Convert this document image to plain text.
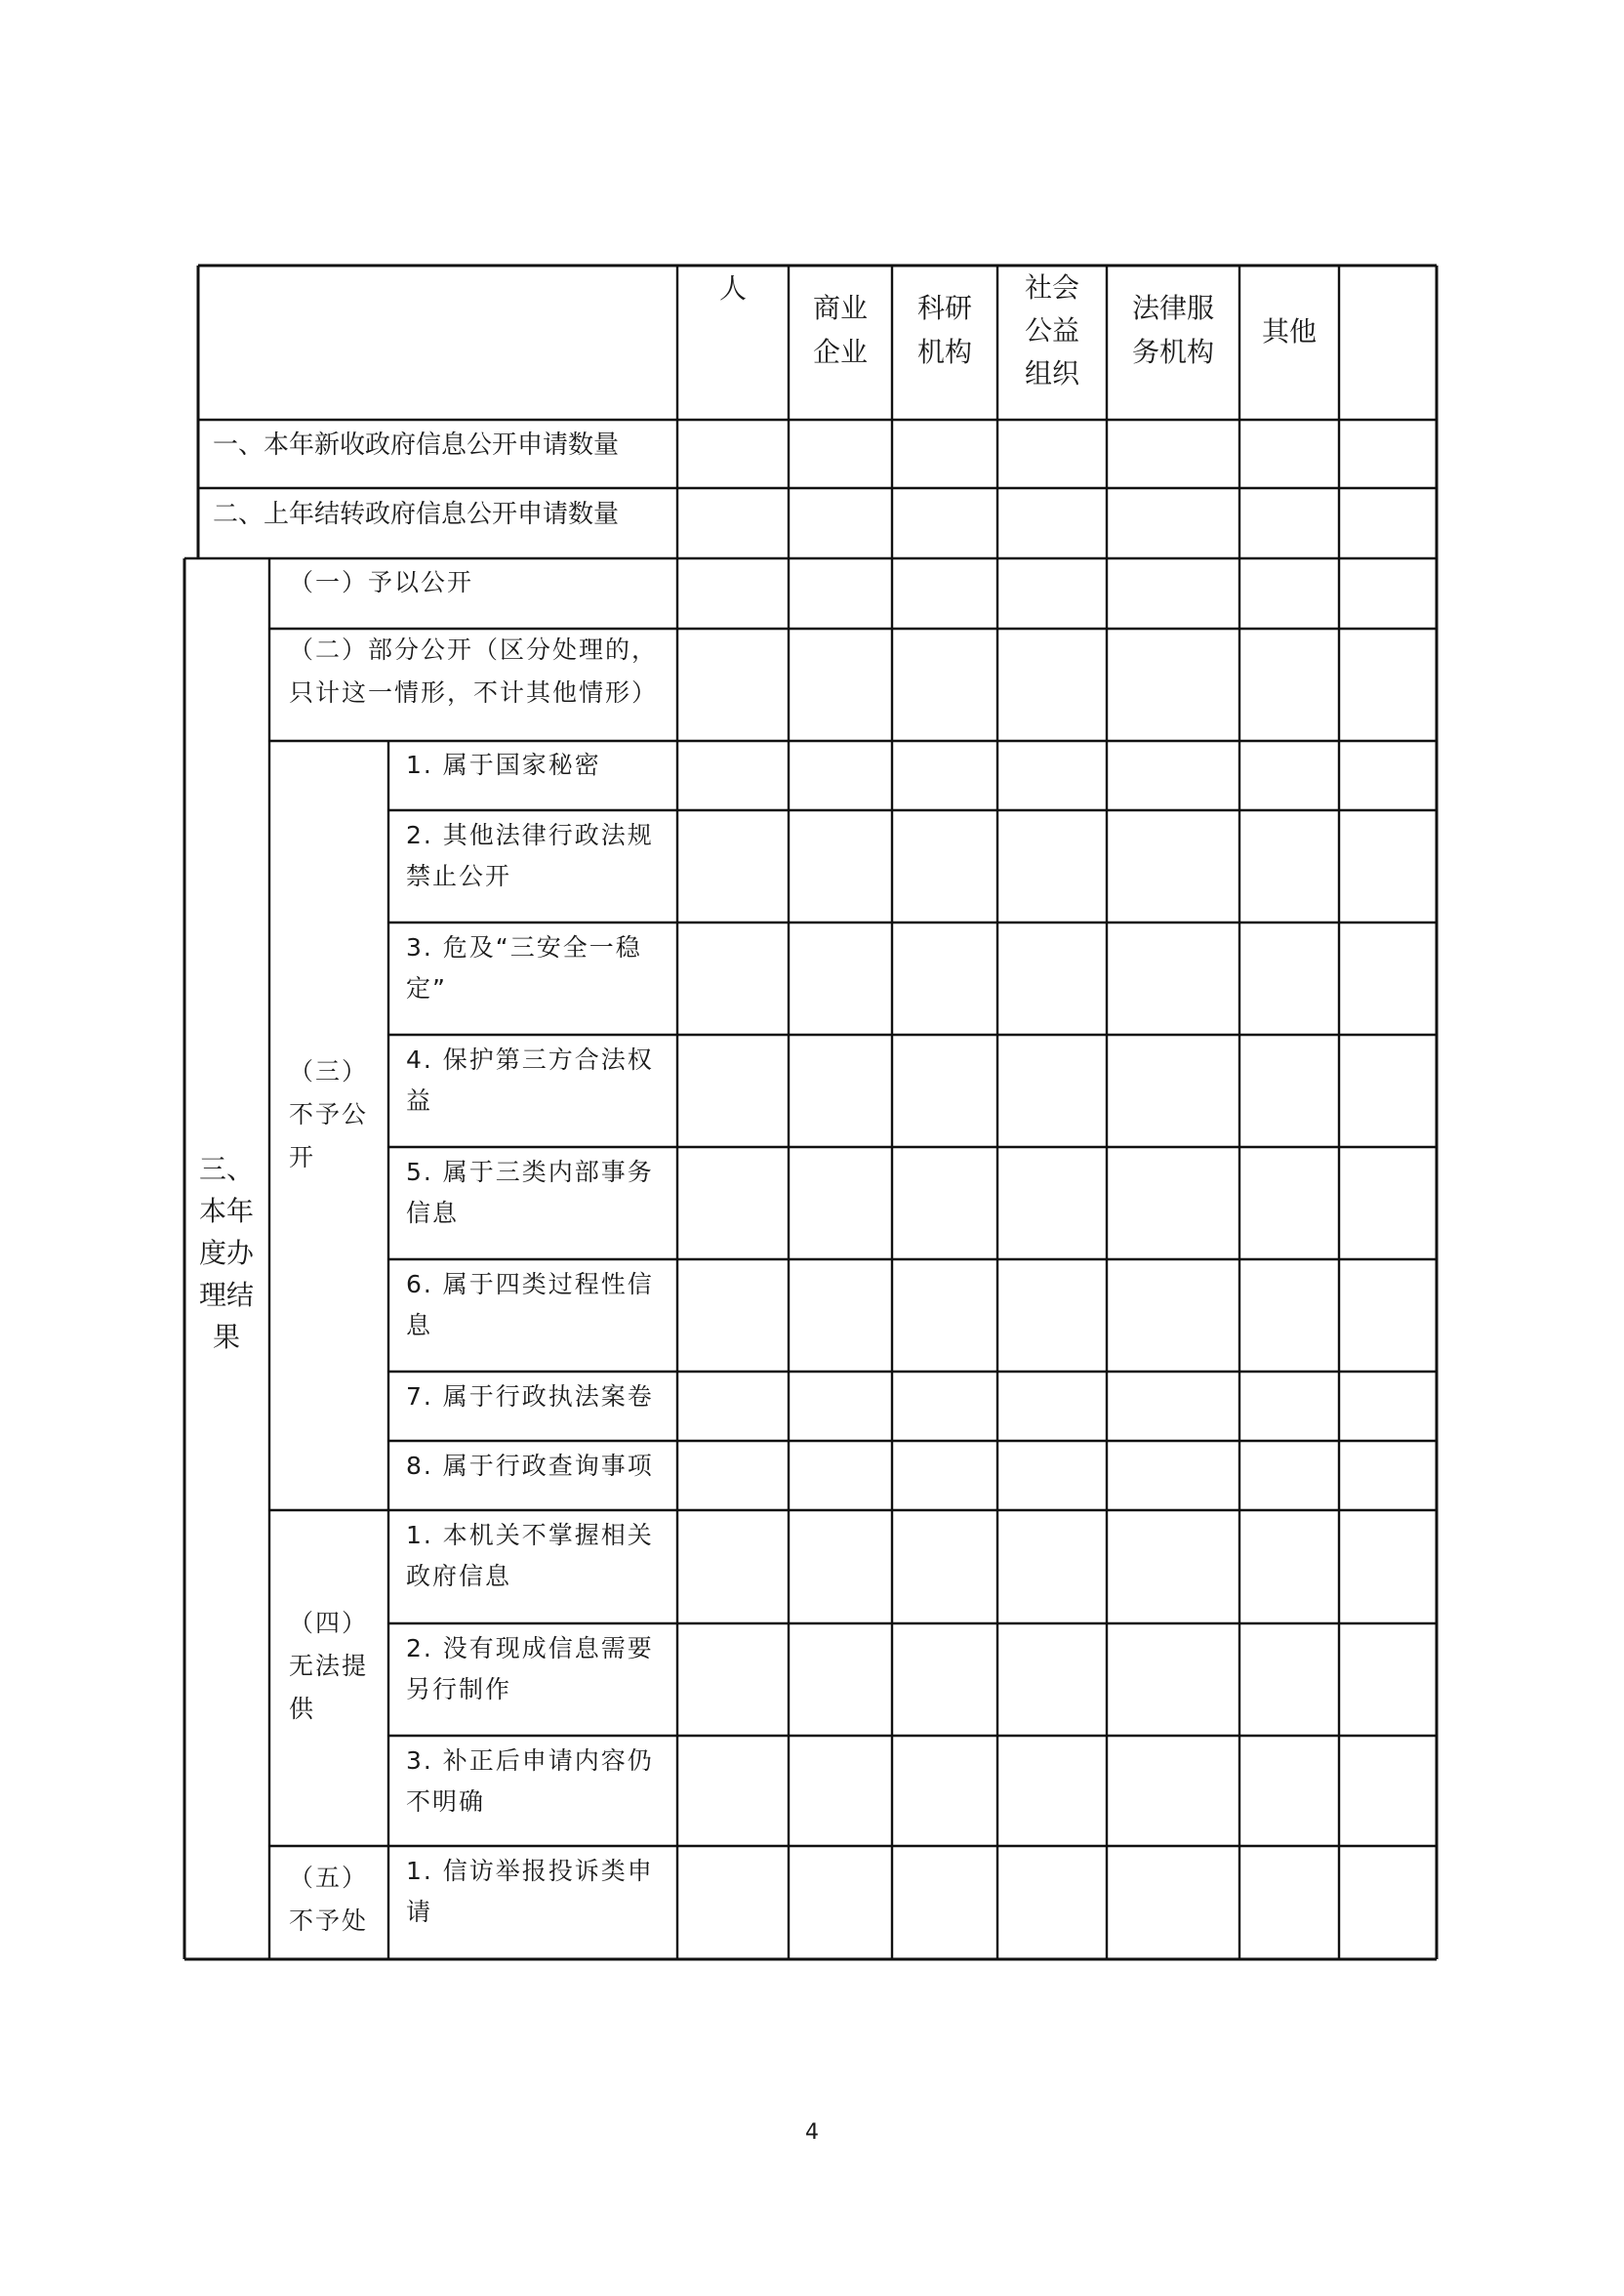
人
商业
企业
科研
机构
社会
公益
组织
法律服
务机构
其他
一、本年新收政府信息公开申请数量
二、上年结转政府信息公开申请数量
三、
本年
度办
理结
果
（一）予以公开
（二）部分公开（区分处理的，
只计这一情形，不计其他情形）
（三）
不予公
开
1. 属于国家秘密
2. 其他法律行政法规
禁止公开
3. 危及“三安全一稳
定”
4. 保护第三方合法权
益
5. 属于三类内部事务
信息
6. 属于四类过程性信
息
7. 属于行政执法案卷
8. 属于行政查询事项
（四）
无法提
供
1. 本机关不掌握相关
政府信息
2. 没有现成信息需要
另行制作
3. 补正后申请内容仍
不明确
（五）
不予处
1. 信访举报投诉类申
请
4
